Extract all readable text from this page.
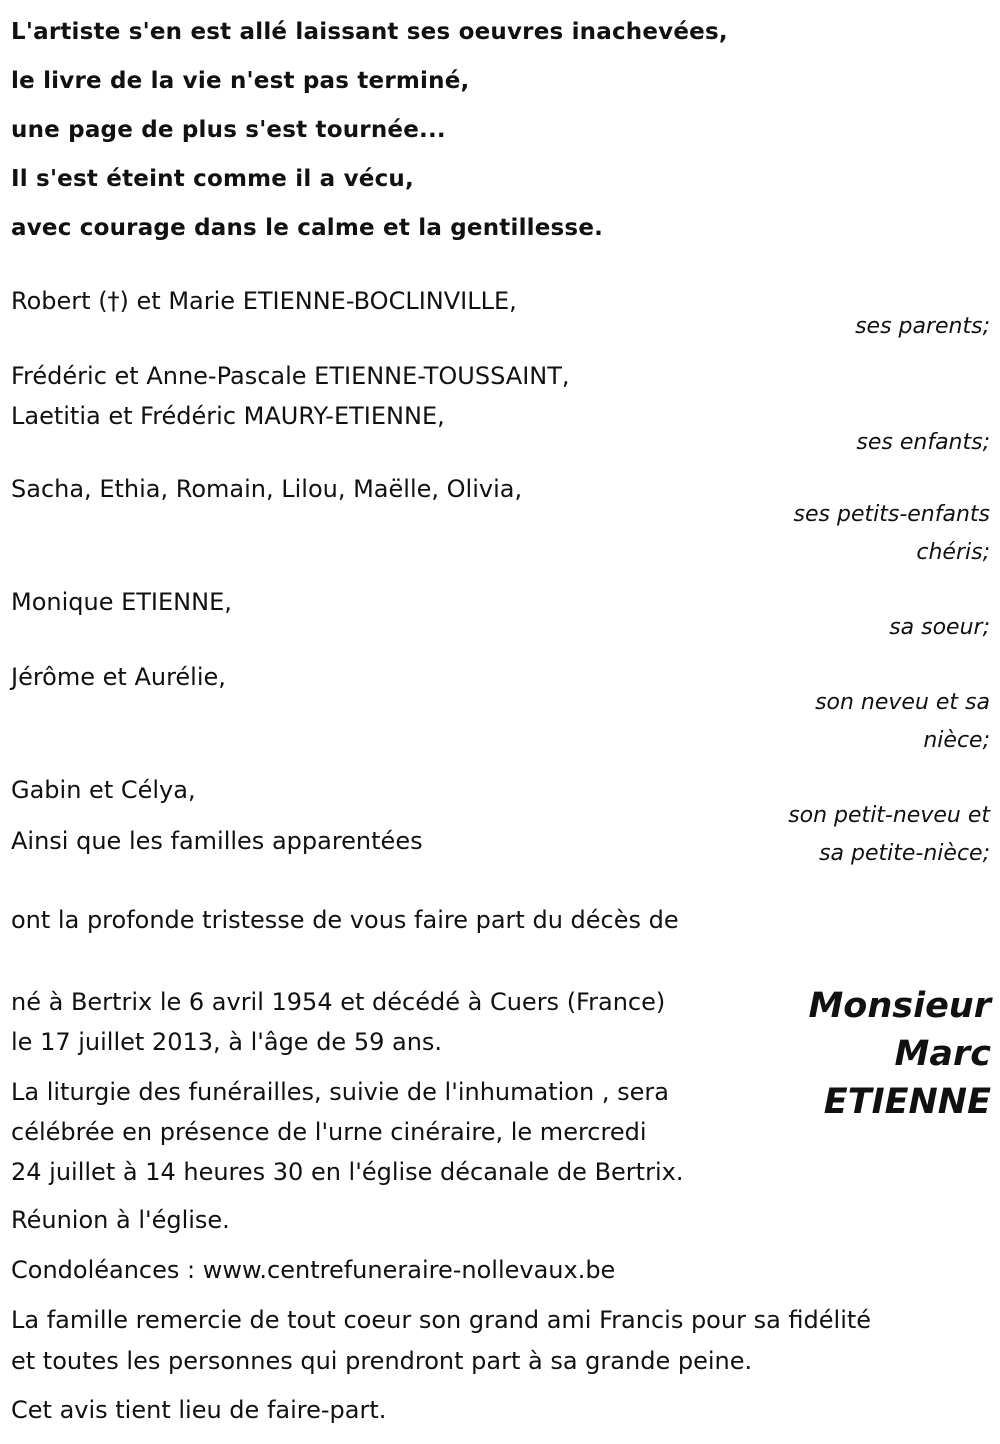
L'artiste s'en est allé laissant ses oeuvres inachevées,
le livre de la vie n'est pas terminé,
une page de plus s'est tournée...
Il s'est éteint comme il a vécu,
avec courage dans le calme et la gentillesse.
Robert (†) et Marie ETIENNE-BOCLINVILLE,
ses parents;
Frédéric et Anne-Pascale ETIENNE-TOUSSAINT,
Laetitia et Frédéric MAURY-ETIENNE,
ses enfants;
Sacha, Ethia, Romain, Lilou, Maëlle, Olivia,
ses petits-enfants
chéris;
Monique ETIENNE,
sa soeur;
Jérôme et Aurélie,
son neveu et sa
nièce;
Gabin et Célya,
son petit-neveu et
sa petite-nièce;
Ainsi que les familles apparentées
ont la profonde tristesse de vous faire part du décès de
Monsieur
Marc
ETIENNE
né à Bertrix le 6 avril 1954 et décédé à Cuers (France)
le 17 juillet 2013, à l'âge de 59 ans.
La liturgie des funérailles, suivie de l'inhumation , sera
célébrée en présence de l'urne cinéraire, le mercredi
24 juillet à 14 heures 30 en l'église décanale de Bertrix.
Réunion à l'église.
Condoléances : www.centrefuneraire-nollevaux.be
La famille remercie de tout coeur son grand ami Francis pour sa fidélité
et toutes les personnes qui prendront part à sa grande peine.
Cet avis tient lieu de faire-part.
